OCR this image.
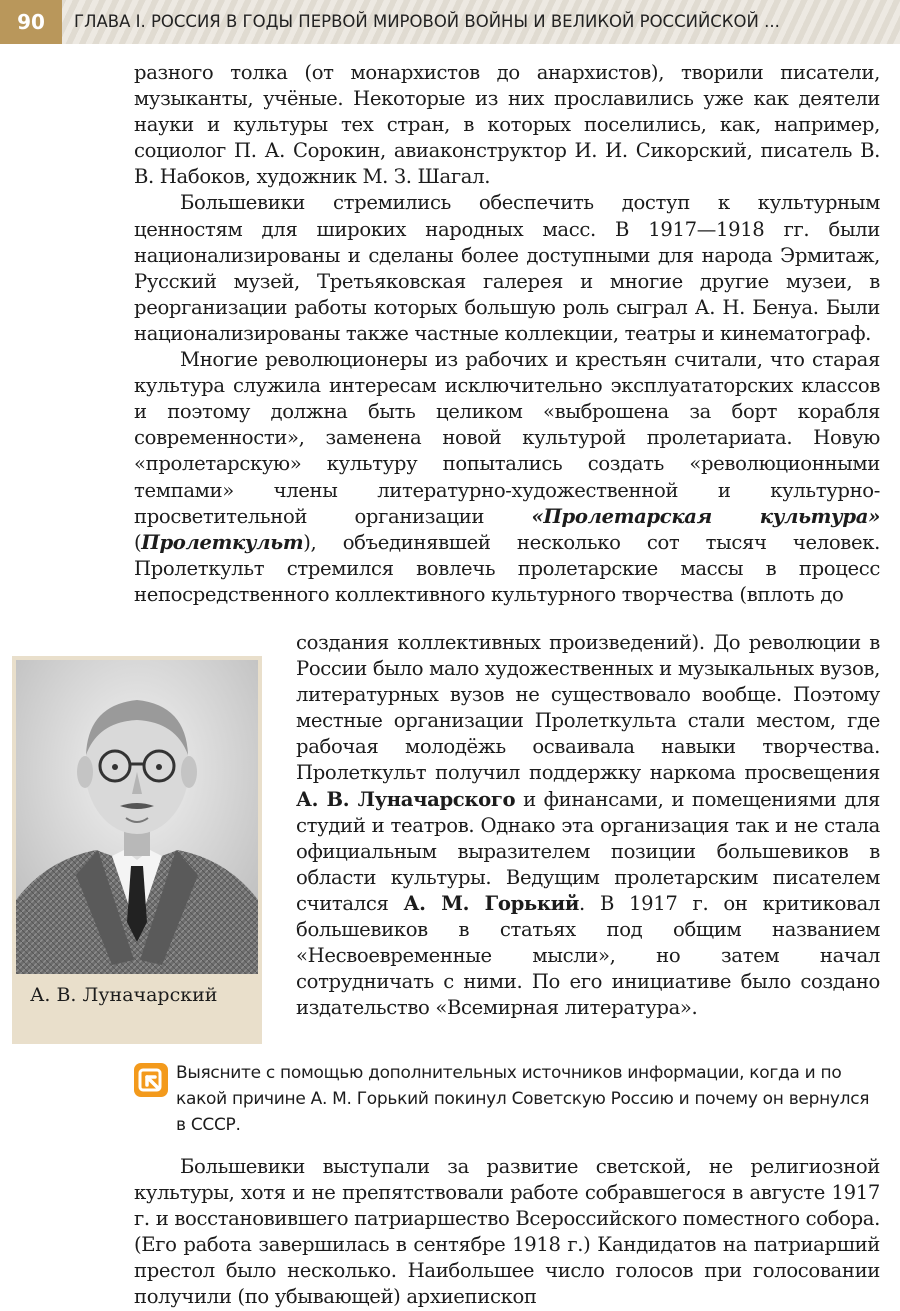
90	ГЛАВА I. РОССИЯ В ГОДЫ ПЕРВОЙ МИРОВОЙ ВОЙНЫ И ВЕЛИКОЙ РОССИЙСКОЙ ...

разного толка (от монархистов до анархистов), творили писатели, музыканты, учёные. Некоторые из них прославились уже как деятели науки и культуры тех стран, в которых поселились, как, например, социолог П. А. Сорокин, авиаконструктор И. И. Сикорский, писатель В. В. Набоков, художник М. З. Шагал.

Большевики стремились обеспечить доступ к культурным ценностям для широких народных масс. В 1917—1918 гг. были национализированы и сделаны более доступными для народа Эрмитаж, Русский музей, Третьяковская галерея и многие другие музеи, в реорганизации работы которых большую роль сыграл А. Н. Бенуа. Были национализированы также частные коллекции, театры и кинематограф.

Многие революционеры из рабочих и крестьян считали, что старая культура служила интересам исключительно эксплуататорских классов и поэтому должна быть целиком «выброшена за борт корабля современности», заменена новой культурой пролетариата. Новую «пролетарскую» культуру попытались создать «революционными темпами» члены литературно-художественной и культурно-просветительной организации «Пролетарская культура» (Пролеткульт), объединявшей несколько сот тысяч человек. Пролеткульт стремился вовлечь пролетарские массы в процесс непосредственного коллективного культурного творчества (вплоть до

А. В. Луначарский

создания коллективных произведений). До революции в России было мало художественных и музыкальных вузов, литературных вузов не существовало вообще. Поэтому местные организации Пролеткульта стали местом, где рабочая молодёжь осваивала навыки творчества. Пролеткульт получил поддержку наркома просвещения А. В. Луначарского и финансами, и помещениями для студий и театров. Однако эта организация так и не стала официальным выразителем позиции большевиков в области культуры. Ведущим пролетарским писателем считался А. М. Горький. В 1917 г. он критиковал большевиков в статьях под общим названием «Несвоевременные мысли», но затем начал сотрудничать с ними. По его инициативе было создано издательство «Всемирная литература».

Выясните с помощью дополнительных источников информации, когда и по какой причине А. М. Горький покинул Советскую Россию и почему он вернулся в СССР.

Большевики выступали за развитие светской, не религиозной культуры, хотя и не препятствовали работе собравшегося в августе 1917 г. и восстановившего патриаршество Всероссийского поместного собора. (Его работа завершилась в сентябре 1918 г.) Кандидатов на патриарший престол было несколько. Наибольшее число голосов при голосовании получили (по убывающей) архиепископ
